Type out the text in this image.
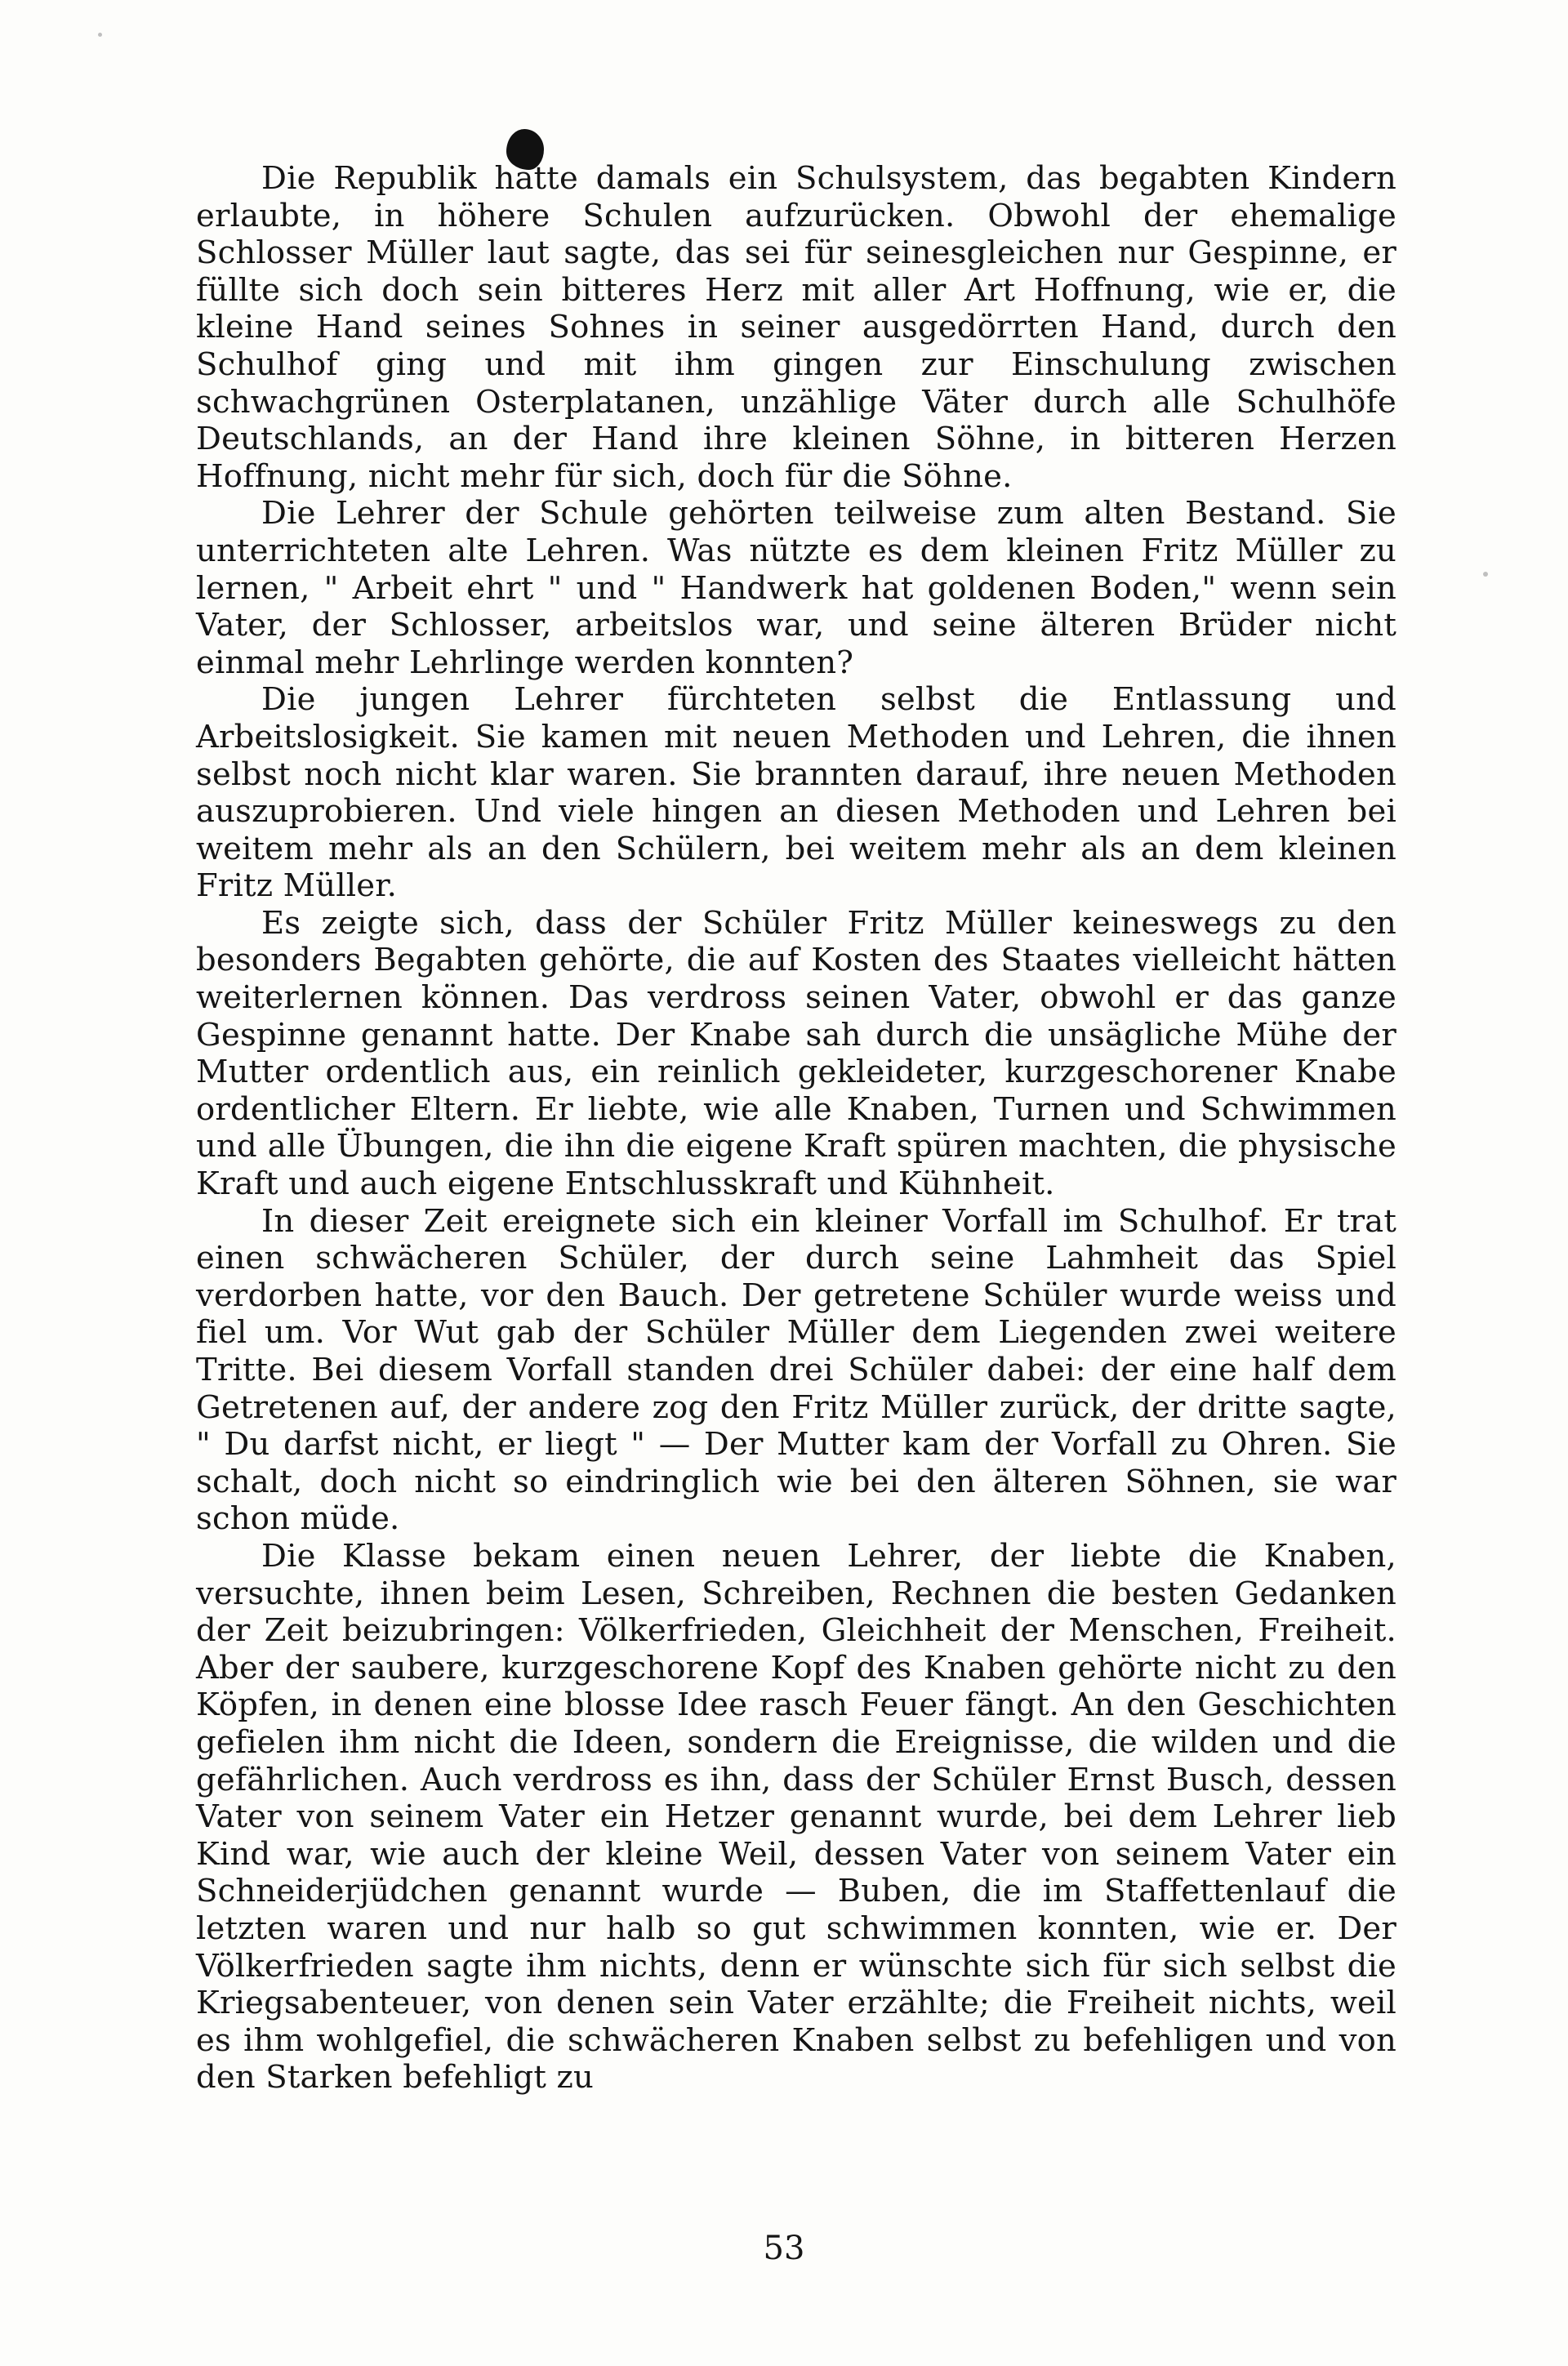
Die Republik hatte damals ein Schulsystem, das begabten Kindern erlaubte, in höhere Schulen aufzurücken. Obwohl der ehemalige Schlosser Müller laut sagte, das sei für seinesgleichen nur Gespinne, er füllte sich doch sein bitteres Herz mit aller Art Hoffnung, wie er, die kleine Hand seines Sohnes in seiner ausgedörrten Hand, durch den Schulhof ging und mit ihm gingen zur Einschulung zwischen schwachgrünen Osterplatanen, unzählige Väter durch alle Schulhöfe Deutschlands, an der Hand ihre kleinen Söhne, in bitteren Herzen Hoffnung, nicht mehr für sich, doch für die Söhne.

Die Lehrer der Schule gehörten teilweise zum alten Bestand. Sie unterrichteten alte Lehren. Was nützte es dem kleinen Fritz Müller zu lernen, " Arbeit ehrt " und " Handwerk hat goldenen Boden," wenn sein Vater, der Schlosser, arbeitslos war, und seine älteren Brüder nicht einmal mehr Lehrlinge werden konnten?

Die jungen Lehrer fürchteten selbst die Entlassung und Arbeitslosigkeit. Sie kamen mit neuen Methoden und Lehren, die ihnen selbst noch nicht klar waren. Sie brannten darauf, ihre neuen Methoden auszuprobieren. Und viele hingen an diesen Methoden und Lehren bei weitem mehr als an den Schülern, bei weitem mehr als an dem kleinen Fritz Müller.

Es zeigte sich, dass der Schüler Fritz Müller keineswegs zu den besonders Begabten gehörte, die auf Kosten des Staates vielleicht hätten weiterlernen können. Das verdross seinen Vater, obwohl er das ganze Gespinne genannt hatte. Der Knabe sah durch die unsägliche Mühe der Mutter ordentlich aus, ein reinlich gekleideter, kurzgeschorener Knabe ordentlicher Eltern. Er liebte, wie alle Knaben, Turnen und Schwimmen und alle Übungen, die ihn die eigene Kraft spüren machten, die physische Kraft und auch eigene Entschlusskraft und Kühnheit.

In dieser Zeit ereignete sich ein kleiner Vorfall im Schulhof. Er trat einen schwächeren Schüler, der durch seine Lahmheit das Spiel verdorben hatte, vor den Bauch. Der getretene Schüler wurde weiss und fiel um. Vor Wut gab der Schüler Müller dem Liegenden zwei weitere Tritte. Bei diesem Vorfall standen drei Schüler dabei: der eine half dem Getretenen auf, der andere zog den Fritz Müller zurück, der dritte sagte, " Du darfst nicht, er liegt " — Der Mutter kam der Vorfall zu Ohren. Sie schalt, doch nicht so eindringlich wie bei den älteren Söhnen, sie war schon müde.

Die Klasse bekam einen neuen Lehrer, der liebte die Knaben, versuchte, ihnen beim Lesen, Schreiben, Rechnen die besten Gedanken der Zeit beizubringen: Völkerfrieden, Gleichheit der Menschen, Freiheit. Aber der saubere, kurzgeschorene Kopf des Knaben gehörte nicht zu den Köpfen, in denen eine blosse Idee rasch Feuer fängt. An den Geschichten gefielen ihm nicht die Ideen, sondern die Ereignisse, die wilden und die gefährlichen. Auch verdross es ihn, dass der Schüler Ernst Busch, dessen Vater von seinem Vater ein Hetzer genannt wurde, bei dem Lehrer lieb Kind war, wie auch der kleine Weil, dessen Vater von seinem Vater ein Schneiderjüdchen genannt wurde — Buben, die im Staffettenlauf die letzten waren und nur halb so gut schwimmen konnten, wie er. Der Völkerfrieden sagte ihm nichts, denn er wünschte sich für sich selbst die Kriegsabenteuer, von denen sein Vater erzählte; die Freiheit nichts, weil es ihm wohlgefiel, die schwächeren Knaben selbst zu befehligen und von den Starken befehligt zu

53
